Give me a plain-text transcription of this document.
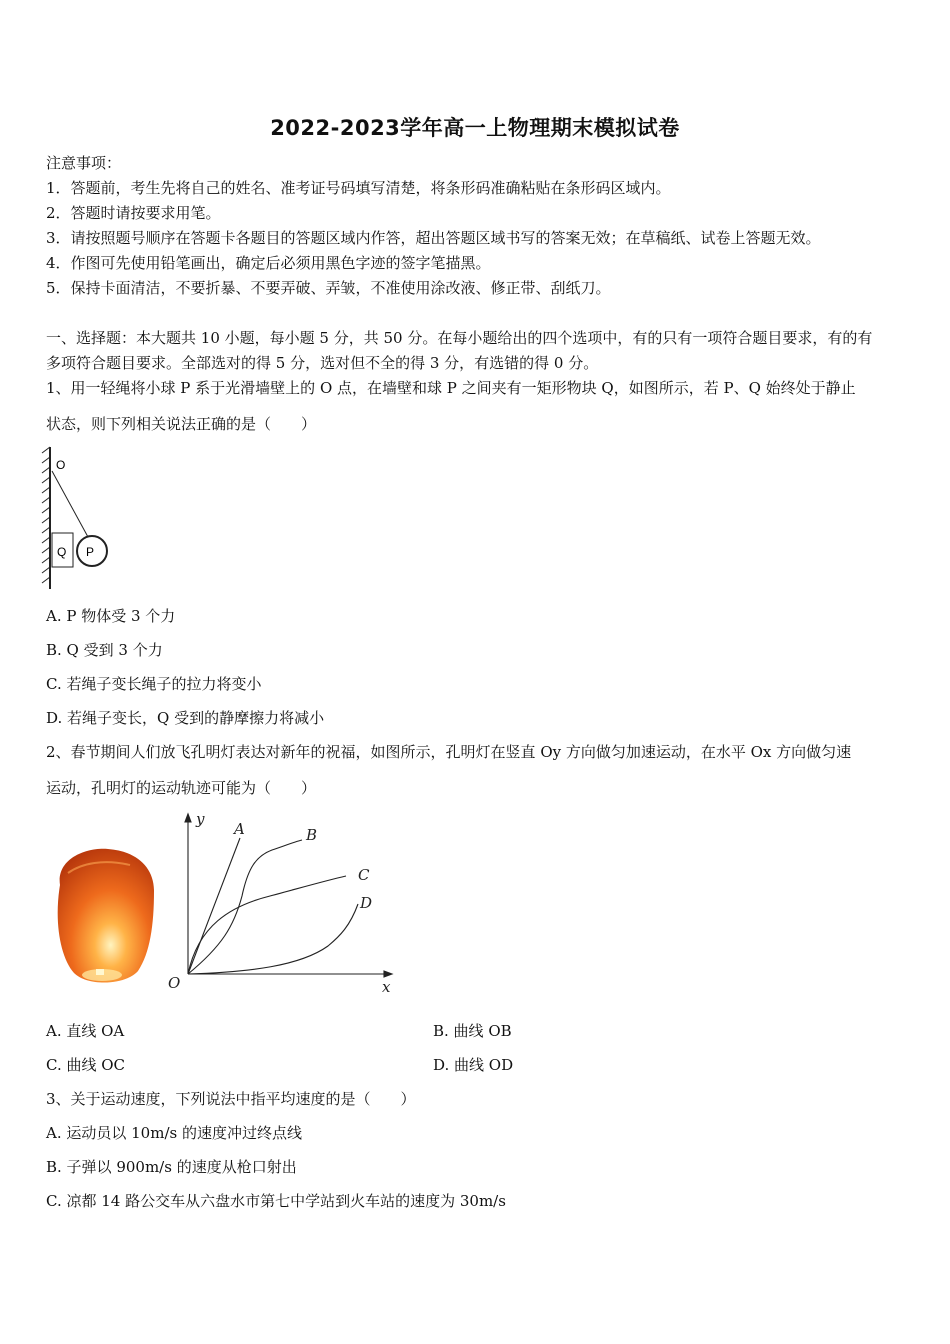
2022-2023学年高一上物理期末模拟试卷
注意事项：
1．答题前，考生先将自己的姓名、准考证号码填写清楚，将条形码准确粘贴在条形码区域内。
2．答题时请按要求用笔。
3．请按照题号顺序在答题卡各题目的答题区域内作答，超出答题区域书写的答案无效；在草稿纸、试卷上答题无效。
4．作图可先使用铅笔画出，确定后必须用黑色字迹的签字笔描黑。
5．保持卡面清洁，不要折暴、不要弄破、弄皱，不准使用涂改液、修正带、刮纸刀。
一、选择题：本大题共 10 小题，每小题 5 分，共 50 分。在每小题给出的四个选项中，有的只有一项符合题目要求，有的有
多项符合题目要求。全部选对的得 5 分，选对但不全的得 3 分，有选错的得 0 分。
1、用一轻绳将小球 P 系于光滑墙壁上的 O 点，在墙壁和球 P 之间夹有一矩形物块 Q，如图所示，若 P、Q 始终处于静止
状态，则下列相关说法正确的是（　　）
O
Q P
A. P 物体受 3 个力
B. Q 受到 3 个力
C. 若绳子变长绳子的拉力将变小
D. 若绳子变长，Q 受到的静摩擦力将减小
2、春节期间人们放飞孔明灯表达对新年的祝福，如图所示，孔明灯在竖直 Oy 方向做匀加速运动，在水平 Ox 方向做匀速
运动，孔明灯的运动轨迹可能为（　　）
y
x
O
A	B
C
D
A. 直线 OA	B. 曲线 OB
C. 曲线 OC	D. 曲线 OD
3、关于运动速度，下列说法中指平均速度的是（　　）
A. 运动员以 10m/s 的速度冲过终点线
B. 子弹以 900m/s 的速度从枪口射出
C. 凉都 14 路公交车从六盘水市第七中学站到火车站的速度为 30m/s
